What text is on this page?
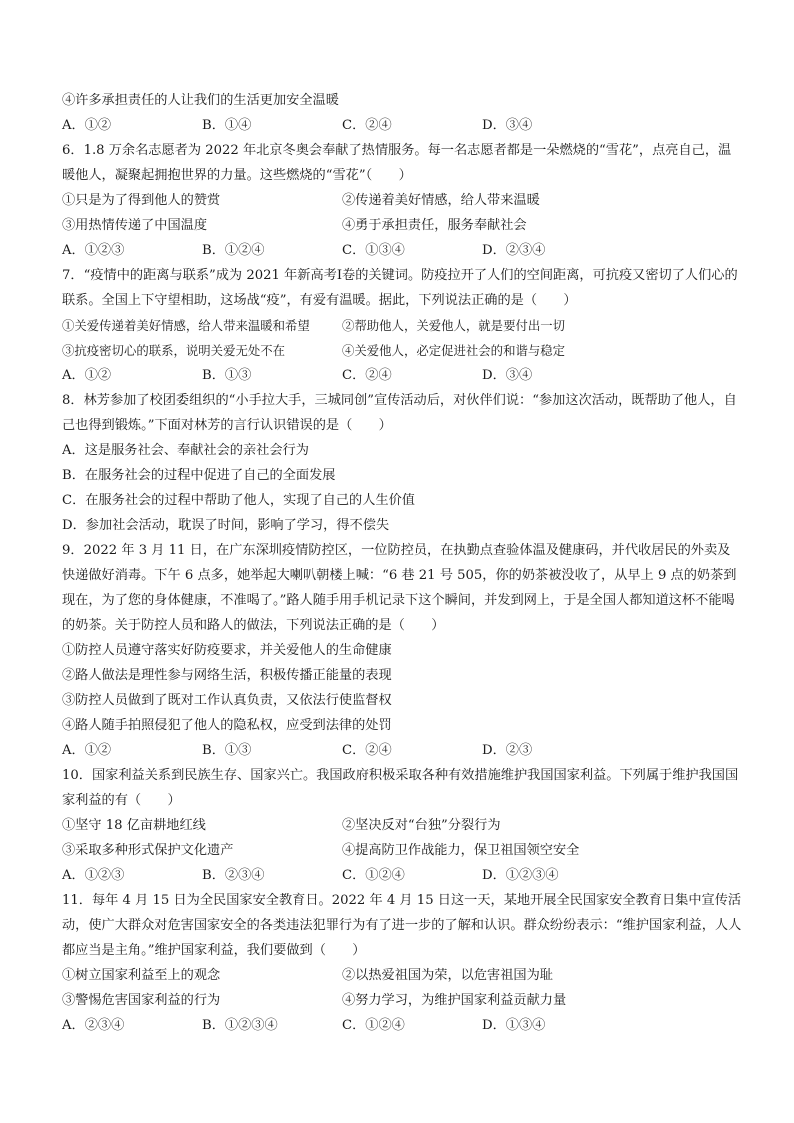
④许多承担责任的人让我们的生活更加安全温暖
A．①②	B．①④	C．②④	D．③④
6．1.8 万余名志愿者为 2022 年北京冬奥会奉献了热情服务。每一名志愿者都是一朵燃烧的“雪花”，点亮自己，温暖他人，凝聚起拥抱世界的力量。这些燃烧的“雪花”（　　）
①只是为了得到他人的赞赏	②传递着美好情感，给人带来温暖
③用热情传递了中国温度	④勇于承担责任，服务奉献社会
A．①②③	B．①②④	C．①③④	D．②③④
7．“疫情中的距离与联系”成为 2021 年新高考Ⅰ卷的关键词。防疫拉开了人们的空间距离，可抗疫又密切了人们心的联系。全国上下守望相助，这场战“疫”，有爱有温暖。据此，下列说法正确的是（　　）
①关爱传递着美好情感，给人带来温暖和希望	②帮助他人，关爱他人，就是要付出一切
③抗疫密切心的联系，说明关爱无处不在	④关爱他人，必定促进社会的和谐与稳定
A．①②	B．①③	C．②④	D．③④
8．林芳参加了校团委组织的“小手拉大手，三城同创”宣传活动后，对伙伴们说：“参加这次活动，既帮助了他人，自己也得到锻炼。”下面对林芳的言行认识错误的是（　　）
A．这是服务社会、奉献社会的亲社会行为
B．在服务社会的过程中促进了自己的全面发展
C．在服务社会的过程中帮助了他人，实现了自己的人生价值
D．参加社会活动，耽误了时间，影响了学习，得不偿失
9．2022 年 3 月 11 日，在广东深圳疫情防控区，一位防控员，在执勤点查验体温及健康码，并代收居民的外卖及快递做好消毒。下午 6 点多，她举起大喇叭朝楼上喊：“6 巷 21 号 505，你的奶茶被没收了，从早上 9 点的奶茶到现在，为了您的身体健康，不准喝了。”路人随手用手机记录下这个瞬间，并发到网上，于是全国人都知道这杯不能喝的奶茶。关于防控人员和路人的做法，下列说法正确的是（　　）
①防控人员遵守落实好防疫要求，并关爱他人的生命健康
②路人做法是理性参与网络生活，积极传播正能量的表现
③防控人员做到了既对工作认真负责，又依法行使监督权
④路人随手拍照侵犯了他人的隐私权，应受到法律的处罚
A．①②	B．①③	C．②④	D．②③
10．国家利益关系到民族生存、国家兴亡。我国政府积极采取各种有效措施维护我国国家利益。下列属于维护我国国家利益的有（　　）
①坚守 18 亿亩耕地红线	②坚决反对“台独”分裂行为
③采取多种形式保护文化遗产	④提高防卫作战能力，保卫祖国领空安全
A．①②③	B．②③④	C．①②④	D．①②③④
11．每年 4 月 15 日为全民国家安全教育日。2022 年 4 月 15 日这一天，某地开展全民国家安全教育日集中宣传活动，使广大群众对危害国家安全的各类违法犯罪行为有了进一步的了解和认识。群众纷纷表示：“维护国家利益，人人都应当是主角。”维护国家利益，我们要做到（　　）
①树立国家利益至上的观念	②以热爱祖国为荣，以危害祖国为耻
③警惕危害国家利益的行为	④努力学习，为维护国家利益贡献力量
A．②③④	B．①②③④	C．①②④	D．①③④
